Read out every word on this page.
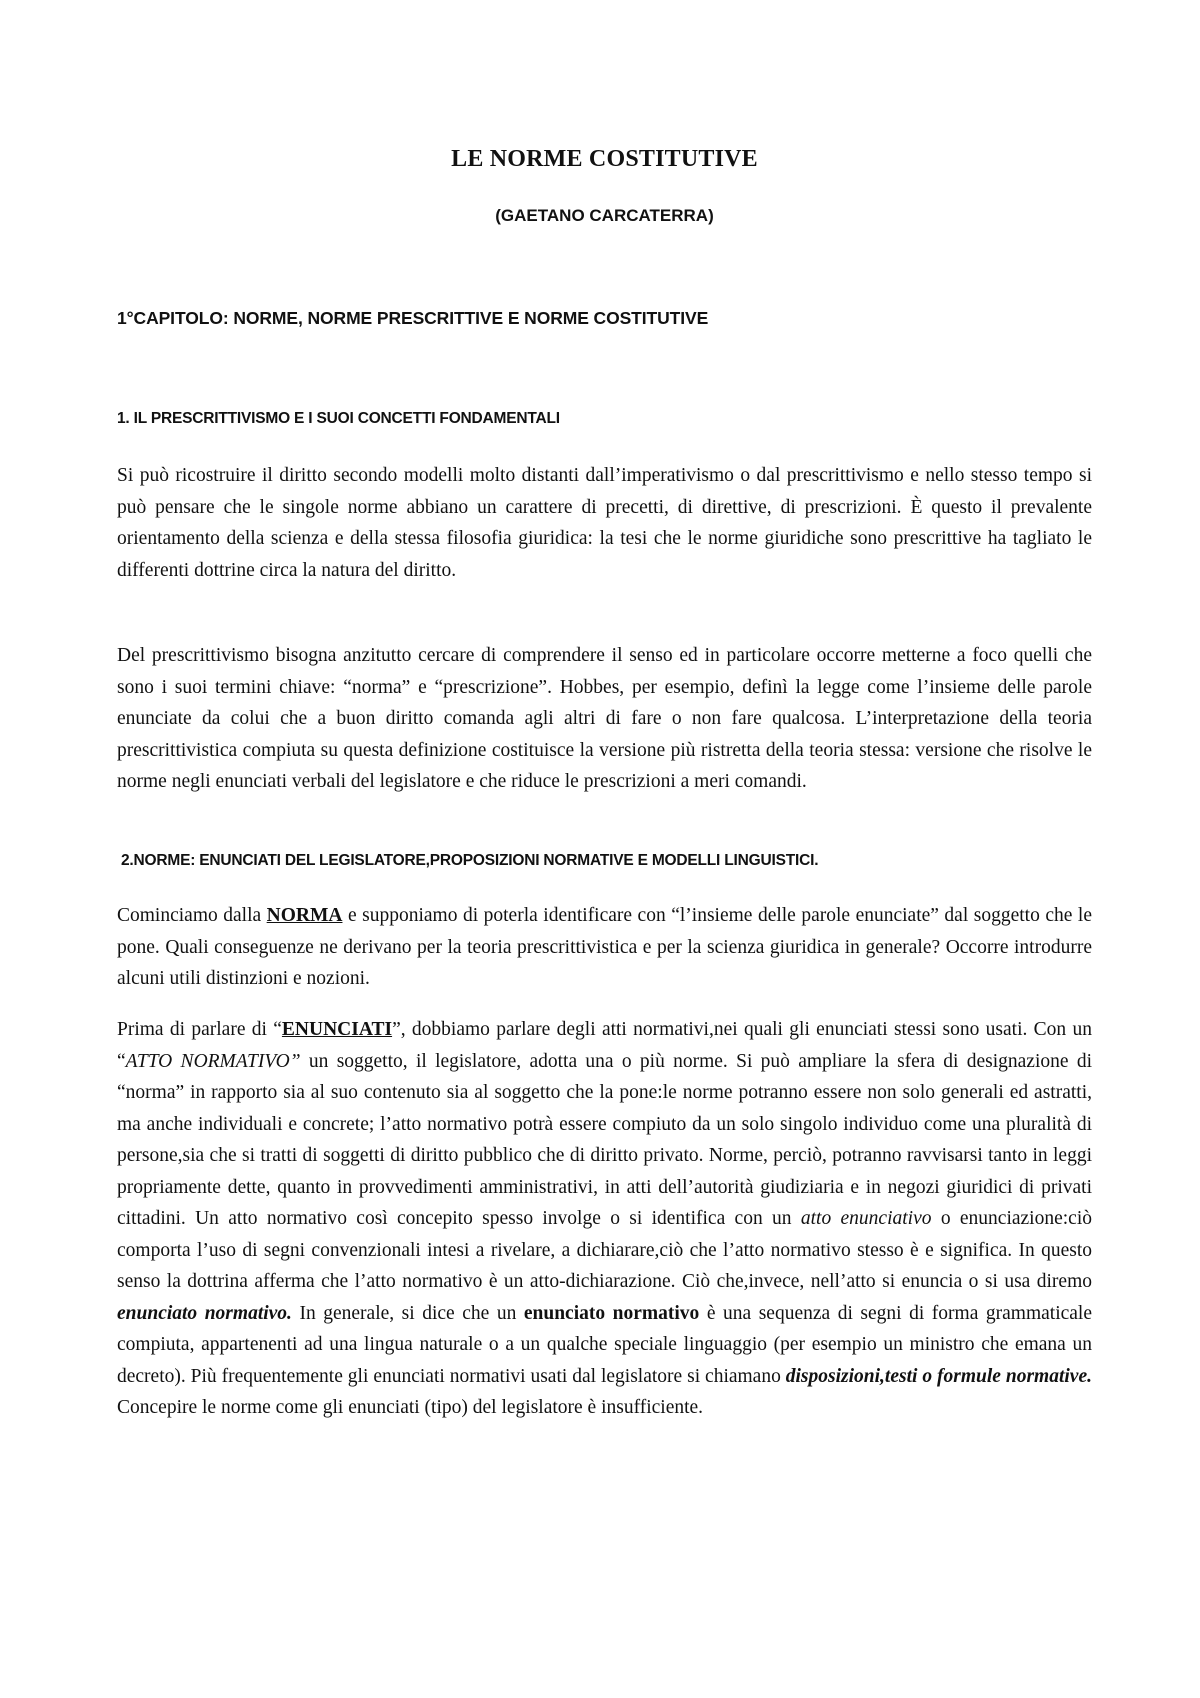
LE NORME COSTITUTIVE

(GAETANO CARCATERRA)

1°CAPITOLO: NORME, NORME PRESCRITTIVE E NORME COSTITUTIVE
1. IL PRESCRITTIVISMO E I SUOI CONCETTI FONDAMENTALI

Si può ricostruire il diritto secondo modelli molto distanti dall’imperativismo o dal prescrittivismo e nello stesso tempo si può pensare che le singole norme abbiano un carattere di precetti, di direttive, di prescrizioni. È questo il prevalente orientamento della scienza e della stessa filosofia giuridica: la tesi che le norme giuridiche sono prescrittive ha tagliato le differenti dottrine circa la natura del diritto.

Del prescrittivismo bisogna anzitutto cercare di comprendere il senso ed in particolare occorre metterne a foco quelli che sono i suoi termini chiave: “norma” e “prescrizione”. Hobbes, per esempio, definì la legge come l’insieme delle parole enunciate da colui che a buon diritto comanda agli altri di fare o non fare qualcosa. L’interpretazione della teoria prescrittivistica compiuta su questa definizione costituisce la versione più ristretta della teoria stessa: versione che risolve le norme negli enunciati verbali del legislatore e che riduce le prescrizioni a meri comandi.

2.NORME: ENUNCIATI DEL LEGISLATORE,PROPOSIZIONI NORMATIVE E MODELLI LINGUISTICI.

Cominciamo dalla NORMA e supponiamo di poterla identificare con “l’insieme delle parole enunciate” dal soggetto che le pone. Quali conseguenze ne derivano per la teoria prescrittivistica e per la scienza giuridica in generale? Occorre introdurre alcuni utili distinzioni e nozioni.

Prima di parlare di “ENUNCIATI”, dobbiamo parlare degli atti normativi,nei quali gli enunciati stessi sono usati. Con un “ATTO NORMATIVO” un soggetto, il legislatore, adotta una o più norme. Si può ampliare la sfera di designazione di “norma” in rapporto sia al suo contenuto sia al soggetto che la pone:le norme potranno essere non solo generali ed astratti, ma anche individuali e concrete; l’atto normativo potrà essere compiuto da un solo singolo individuo come una pluralità di persone,sia che si tratti di soggetti di diritto pubblico che di diritto privato. Norme, perciò, potranno ravvisarsi tanto in leggi propriamente dette, quanto in provvedimenti amministrativi, in atti dell’autorità giudiziaria e in negozi giuridici di privati cittadini. Un atto normativo così concepito spesso involge o si identifica con un atto enunciativo o enunciazione:ciò comporta l’uso di segni convenzionali intesi a rivelare, a dichiarare,ciò che l’atto normativo stesso è e significa. In questo senso la dottrina afferma che l’atto normativo è un atto-dichiarazione. Ciò che,invece, nell’atto si enuncia o si usa diremo enunciato normativo. In generale, si dice che un enunciato normativo è una sequenza di segni di forma grammaticale compiuta, appartenenti ad una lingua naturale o a un qualche speciale linguaggio (per esempio un ministro che emana un decreto). Più frequentemente gli enunciati normativi usati dal legislatore si chiamano disposizioni,testi o formule normative. Concepire le norme come gli enunciati (tipo) del legislatore è insufficiente.
